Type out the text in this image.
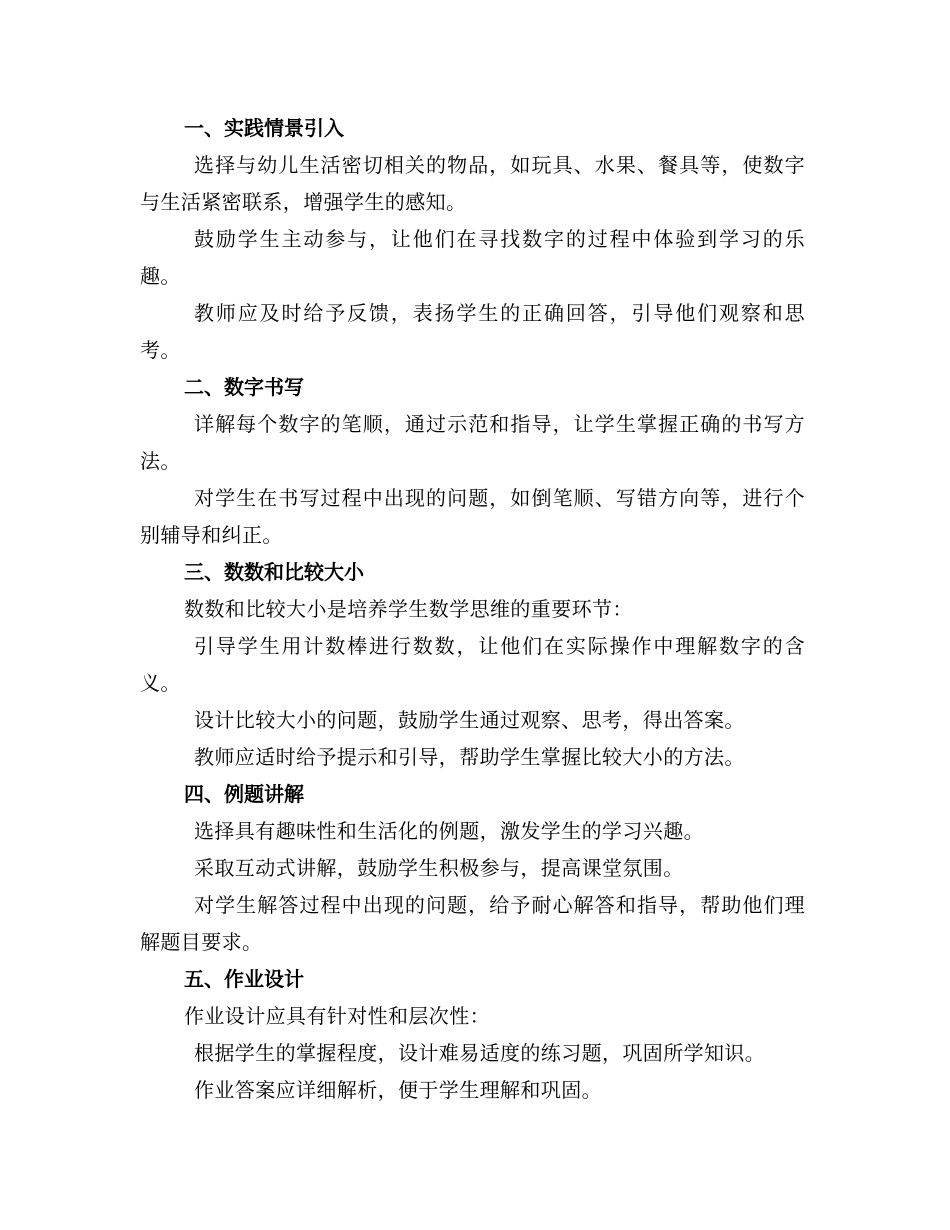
一、实践情景引入

选择与幼儿生活密切相关的物品，如玩具、水果、餐具等，使数字与生活紧密联系，增强学生的感知。

鼓励学生主动参与，让他们在寻找数字的过程中体验到学习的乐趣。

教师应及时给予反馈，表扬学生的正确回答，引导他们观察和思考。

二、数字书写

详解每个数字的笔顺，通过示范和指导，让学生掌握正确的书写方法。

对学生在书写过程中出现的问题，如倒笔顺、写错方向等，进行个别辅导和纠正。

三、数数和比较大小

数数和比较大小是培养学生数学思维的重要环节：

引导学生用计数棒进行数数，让他们在实际操作中理解数字的含义。

设计比较大小的问题，鼓励学生通过观察、思考，得出答案。

教师应适时给予提示和引导，帮助学生掌握比较大小的方法。

四、例题讲解

选择具有趣味性和生活化的例题，激发学生的学习兴趣。

采取互动式讲解，鼓励学生积极参与，提高课堂氛围。

对学生解答过程中出现的问题，给予耐心解答和指导，帮助他们理解题目要求。

五、作业设计

作业设计应具有针对性和层次性：

根据学生的掌握程度，设计难易适度的练习题，巩固所学知识。

作业答案应详细解析，便于学生理解和巩固。
